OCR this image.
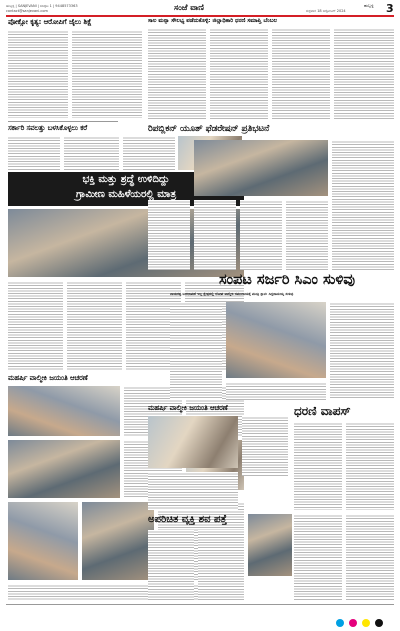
ಹುಬ್ಬಳ್ಳಿ | SANJEVANI | ಸಂಪುಟ 1 | 9448573363
contact@sanjevani.com	ಸಂಜೆ ವಾಣಿ	ಶುಕ್ರವಾರ 18 ಅಕ್ಟೋಬರ್ 2024
ಹುಬ್ಬಳ್ಳಿ 3
ಪೋಕ್ಸೋ ಕೃತ್ಯ: ಆರೋಪಿಗೆ ಜೈಲು ಶಿಕ್ಷೆ
ಸರ್ಕಾರಿ ಸವಲತ್ತು ಬಳಸಿಕೊಳ್ಳಲು ಕರೆ
ಭಕ್ತಿ ಮತ್ತು ಶ್ರದ್ಧೆ ಉಳಿದಿದ್ದು
ಗ್ರಾಮೀಣ ಮಹಿಳೆಯರಲ್ಲಿ ಮಾತ್ರ
ಮಹರ್ಷಿ ವಾಲ್ಮೀಕಿ ಜಯಂತಿ ಆಚರಣೆ
ಸಾಲ ಮನ್ನಾ ಸೌಲಭ್ಯ ಪಡೆದುಕೊಳ್ಳಿ: ಜಿಲ್ಲಾಧಿಕಾರಿ ಧರಣಿ ಸಮಾಪ್ತಿ ಬೆಂಬಲ
ರಿಪಬ್ಲಿಕನ್ ಯೂತ್ ಫೆಡರೇಷನ್ ಪ್ರತಿಭಟನೆ
ಸಂಪಟ ಸರ್ಜರಿ ಸಿಎಂ ಸುಳಿವು
ನಾಯಕತ್ವ ಬದಲಾವಣೆ ಇಲ್ಲ ಕ್ಷೇತ್ರದಲ್ಲಿ ಲೋಪ ವಾಲ್ಮೀಕಿ ಸಮುದಾಯಕ್ಕೆ ಮಂತ್ರಿ ಸ್ಥಾನ: ಸಿದ್ದರಾಮಯ್ಯ ಸುಳಿವು
ಮಹರ್ಷಿ ವಾಲ್ಮೀಕಿ ಜಯಂತಿ ಆಚರಣೆ	ಧರಣಿ ವಾಪಸ್
ಅಪರಿಚಿತ ವ್ಯಕ್ತಿ ಶವ ಪತ್ತೆ
